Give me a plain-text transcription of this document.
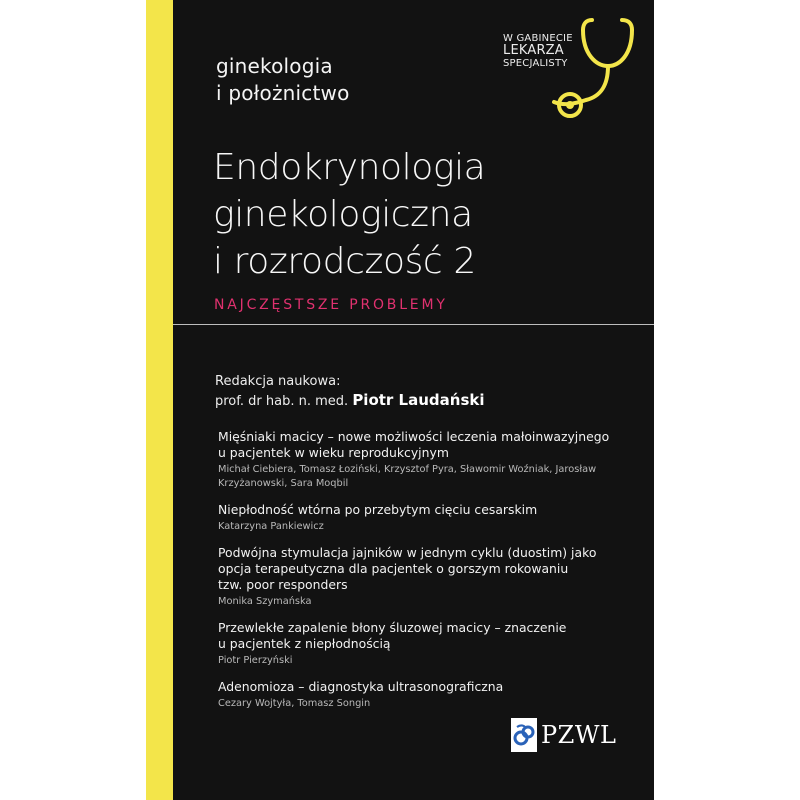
ginekologia
i położnictwo
W GABINECIE
LEKARZA
SPECJALISTY
Endokrynologia
ginekologiczna
i rozrodczość 2
NAJCZĘSTSZE PROBLEMY
Redakcja naukowa:
prof. dr hab. n. med. Piotr Laudański
Mięśniaki macicy – nowe możliwości leczenia małoinwazyjnego
u pacjentek w wieku reprodukcyjnym
Michał Ciebiera, Tomasz Łoziński, Krzysztof Pyra, Sławomir Woźniak, Jarosław
Krzyżanowski, Sara Moqbil
Niepłodność wtórna po przebytym cięciu cesarskim
Katarzyna Pankiewicz
Podwójna stymulacja jajników w jednym cyklu (duostim) jako
opcja terapeutyczna dla pacjentek o gorszym rokowaniu
tzw. poor responders
Monika Szymańska
Przewlekłe zapalenie błony śluzowej macicy – znaczenie
u pacjentek z niepłodnością
Piotr Pierzyński
Adenomioza – diagnostyka ultrasonograficzna
Cezary Wojtyła, Tomasz Songin
PZWL
